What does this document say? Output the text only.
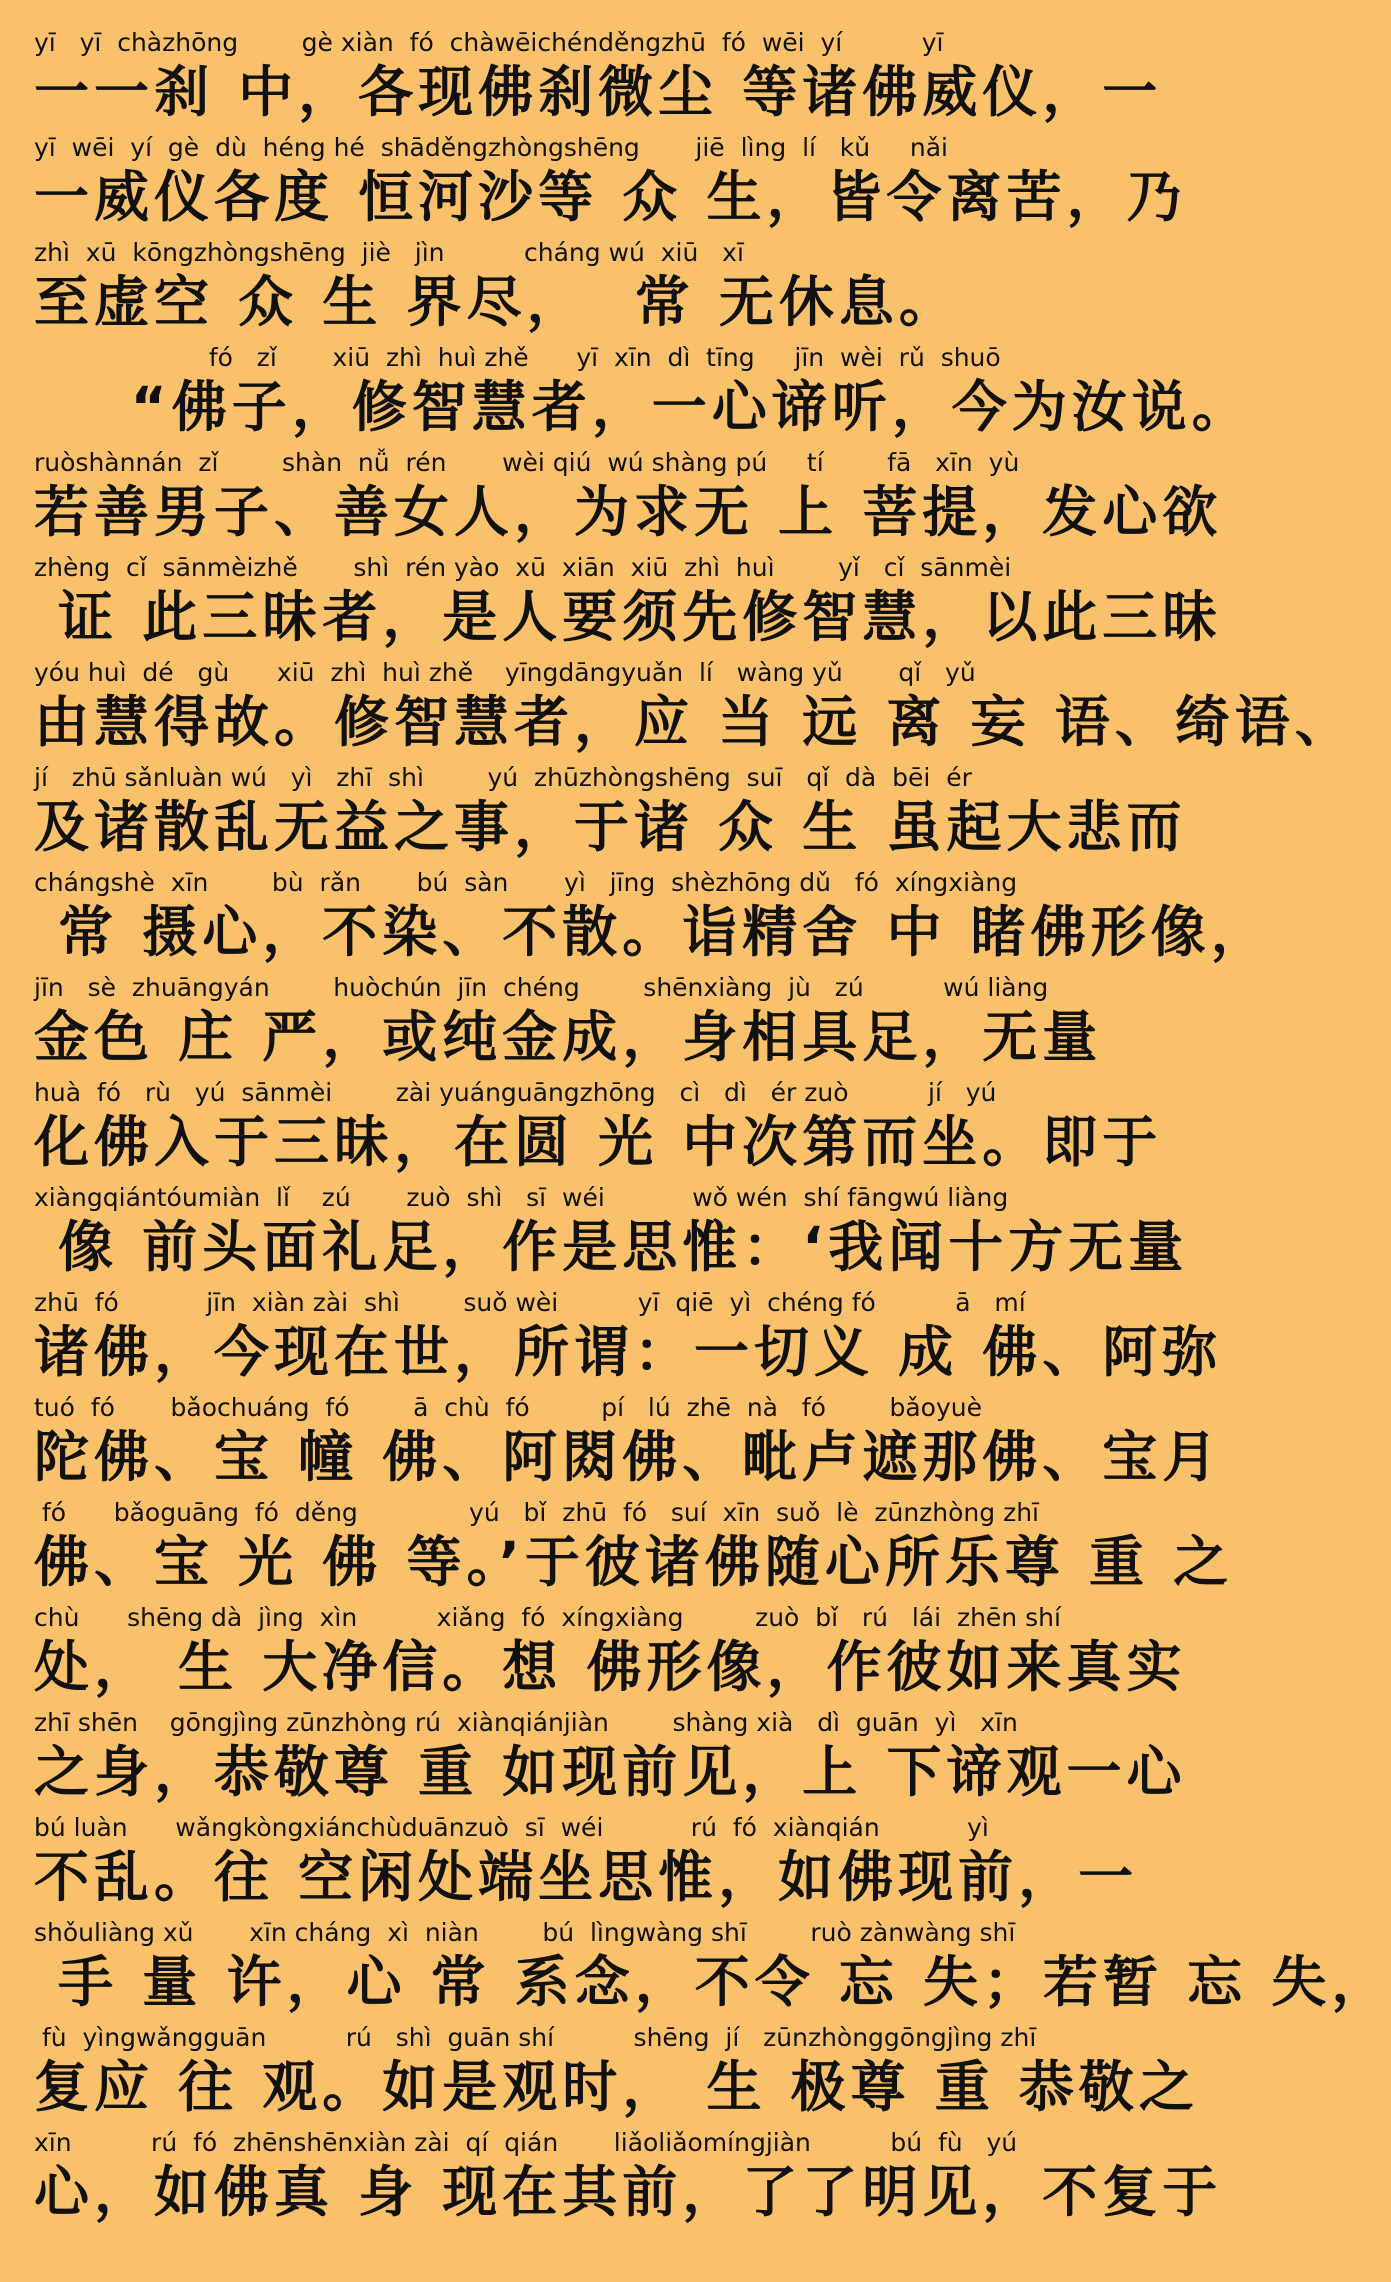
yī   yī  chàzhōng        gè xiàn  fó  chàwēichénděngzhū  fó  wēi  yí          yī
一一刹 中，各现佛刹微尘 等诸佛威仪，一
yī  wēi  yí  gè  dù  héng hé  shāděngzhòngshēng       jiē  lìng  lí   kǔ     nǎi
一威仪各度 恒河沙等 众 生，皆令离苦，乃
zhì  xū  kōngzhòngshēng  jiè   jìn          cháng wú  xiū   xī
至虚空 众 生 界尽，  常 无休息。
fó   zǐ       xiū  zhì  huì zhě      yī  xīn  dì  tīng     jīn  wèi  rǔ  shuō
“佛子，修智慧者，一心谛听，今为汝说。
ruòshànnán  zǐ        shàn  nǚ  rén       wèi qiú  wú shàng pú     tí        fā   xīn  yù
若善男子、善女人，为求无 上 菩提，发心欲
zhèng  cǐ  sānmèizhě       shì  rén yào  xū  xiān  xiū  zhì  huì        yǐ   cǐ  sānmèi
证 此三昧者，是人要须先修智慧，以此三昧
yóu huì  dé   gù      xiū  zhì  huì zhě    yīngdāngyuǎn  lí   wàng yǔ       qǐ   yǔ
由慧得故。修智慧者，应 当 远 离 妄 语、绮语、
jí   zhū sǎnluàn wú   yì   zhī  shì        yú  zhūzhòngshēng  suī   qǐ  dà  bēi  ér
及诸散乱无益之事，于诸 众 生 虽起大悲而
chángshè  xīn        bù  rǎn       bú  sàn       yì   jīng  shèzhōng dǔ   fó  xíngxiàng
常 摄心，不染、不散。诣精舍 中 睹佛形像，
jīn   sè  zhuāngyán        huòchún  jīn  chéng        shēnxiàng  jù   zú          wú liàng
金色 庄 严，或纯金成，身相具足，无量
huà  fó   rù   yú  sānmèi        zài yuánguāngzhōng   cì   dì   ér zuò          jí   yú
化佛入于三昧，在圆 光 中次第而坐。即于
xiàngqiántóumiàn  lǐ    zú       zuò  shì   sī  wéi           wǒ wén  shí fāngwú liàng
像 前头面礼足，作是思惟：‘我闻十方无量
zhū  fó           jīn  xiàn zài  shì        suǒ wèi          yī  qiē  yì  chéng fó          ā   mí
诸佛，今现在世，所谓：一切义 成 佛、阿弥
tuó  fó       bǎochuáng  fó        ā  chù  fó         pí   lú  zhē  nà   fó        bǎoyuè
陀佛、宝 幢 佛、阿閦佛、毗卢遮那佛、宝月
fó      bǎoguāng  fó  děng              yú   bǐ  zhū  fó   suí  xīn  suǒ  lè  zūnzhòng zhī
佛、宝 光 佛 等。’于彼诸佛随心所乐尊 重 之
chù      shēng dà  jìng  xìn          xiǎng  fó  xíngxiàng         zuò  bǐ   rú   lái  zhēn shí
处， 生 大净信。想 佛形像，作彼如来真实
zhī shēn    gōngjìng zūnzhòng rú  xiànqiánjiàn        shàng xià   dì  guān  yì   xīn
之身，恭敬尊 重 如现前见，上 下谛观一心
bú luàn      wǎngkòngxiánchùduānzuò  sī  wéi           rú  fó  xiànqián           yì
不乱。往 空闲处端坐思惟，如佛现前，一
shǒuliàng xǔ       xīn cháng  xì  niàn        bú  lìngwàng shī        ruò zànwàng shī
手 量 许，心 常 系念，不令 忘 失；若暂 忘 失，
fù  yìngwǎngguān          rú   shì  guān shí          shēng  jí   zūnzhònggōngjìng zhī
复应 往 观。如是观时， 生 极尊 重 恭敬之
xīn          rú  fó  zhēnshēnxiàn zài  qí  qián       liǎoliǎomíngjiàn          bú  fù   yú
心，如佛真 身 现在其前，了了明见，不复于
